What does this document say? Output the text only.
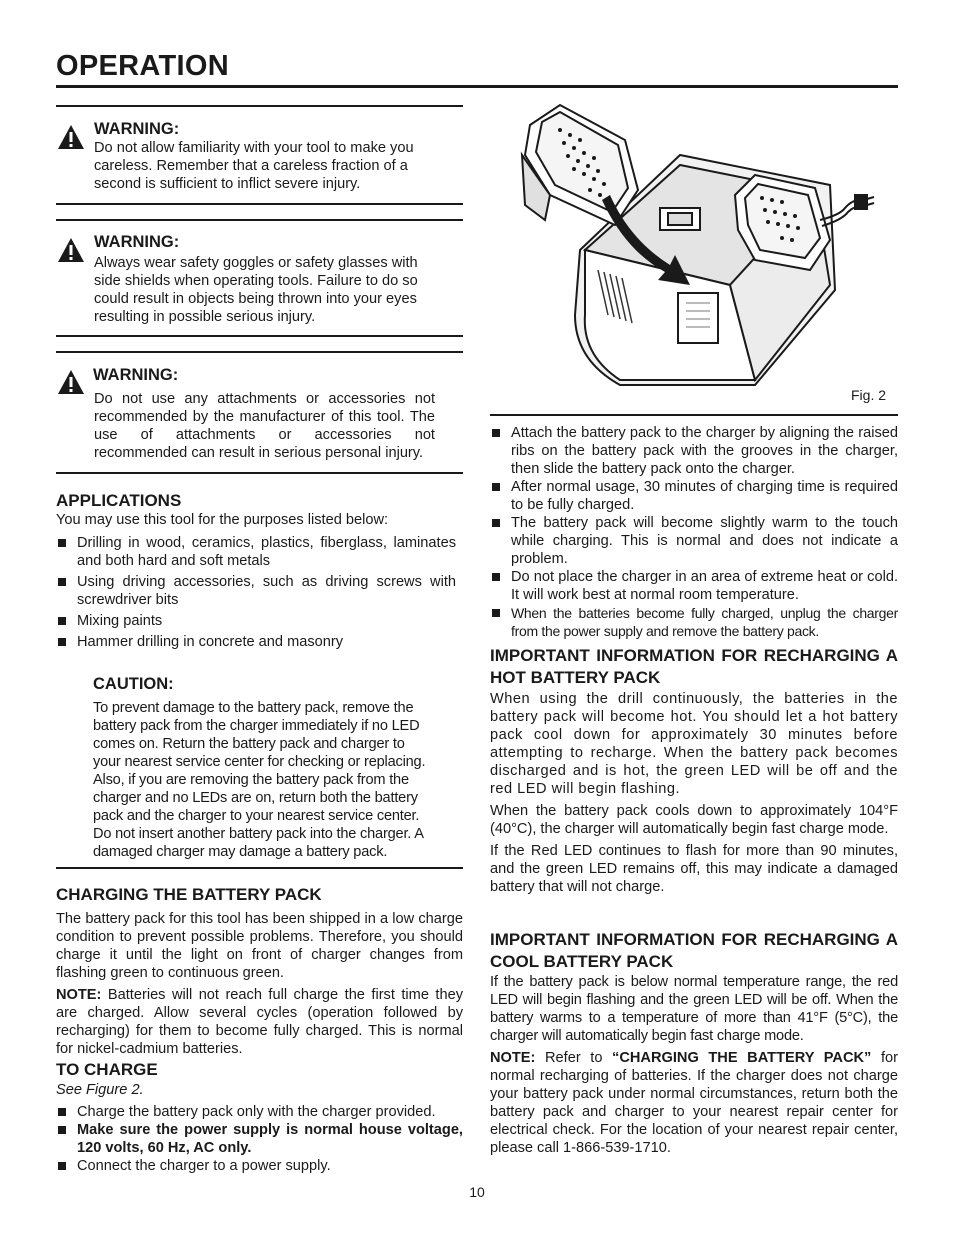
OPERATION
WARNING:
Do not allow familiarity with your tool to make you careless. Remember that a careless fraction of a second is sufficient to inflict severe injury.
WARNING:
Always wear safety goggles or safety glasses with side shields when operating tools. Failure to do so could result in objects being thrown into your eyes resulting in possible serious injury.
WARNING:
Do not use any attachments or accessories not recommended by the manufacturer of this tool. The use of attachments or accessories not recommended can result in serious personal injury.
APPLICATIONS
You may use this tool for the purposes listed below:
Drilling in wood, ceramics, plastics, fiberglass, laminates and both hard and soft metals
Using driving accessories, such as driving screws with screwdriver bits
Mixing paints
Hammer drilling in concrete and masonry
CAUTION:
To prevent damage to the battery pack, remove the battery pack from the charger immediately if no LED comes on. Return the battery pack and charger to your nearest service center for checking or replacing. Also, if you are removing the battery pack from the charger and no LEDs are on, return both the battery pack and the charger to your nearest service center. Do not insert another battery pack into the charger. A damaged charger may damage a battery pack.
CHARGING THE BATTERY PACK
The battery pack for this tool has been shipped in a low charge condition to prevent possible problems. Therefore, you should charge it until the light on front of charger changes from flashing green to continuous green.
NOTE: Batteries will not reach full charge the first time they are charged. Allow several cycles (operation followed by recharging) for them to become fully charged. This is normal for nickel-cadmium batteries.
TO CHARGE
See Figure 2.
Charge the battery pack only with the charger provided.
Make sure the power supply is normal house voltage, 120 volts, 60 Hz, AC only.
Connect the charger to a power supply.
Fig. 2
Attach the battery pack to the charger by aligning the raised ribs on the battery pack with the grooves in the charger, then slide the battery pack onto the charger.
After normal usage, 30 minutes of charging time is required to be fully charged.
The battery pack will become slightly warm to the touch while charging. This is normal and does not indicate a problem.
Do not place the charger in an area of extreme heat or cold. It will work best at normal room temperature.
When the batteries become fully charged, unplug the charger from the power supply and remove the battery pack.
IMPORTANT INFORMATION FOR RECHARGING A HOT BATTERY PACK

When using the drill continuously, the batteries in the battery pack will become hot. You should let a hot battery pack cool down for approximately 30 minutes before attempting to recharge. When the battery pack becomes discharged and is hot, the green LED will be off and the red LED will begin flashing.

When the battery pack cools down to approximately 104°F (40°C), the charger will automatically begin fast charge mode.

If the Red LED continues to flash for more than 90 minutes, and the green LED remains off, this may indicate a damaged battery that will not charge.

IMPORTANT INFORMATION FOR RECHARGING A COOL BATTERY PACK
If the battery pack is below normal temperature range, the red LED will begin flashing and the green LED will be off. When the battery warms to a temperature of more than 41°F (5°C), the charger will automatically begin fast charge mode.
NOTE: Refer to “CHARGING THE BATTERY PACK” for normal recharging of batteries. If the charger does not charge your battery pack under normal circumstances, return both the battery pack and charger to your nearest repair center for electrical check. For the location of your nearest repair center, please call 1-866-539-1710.
10
